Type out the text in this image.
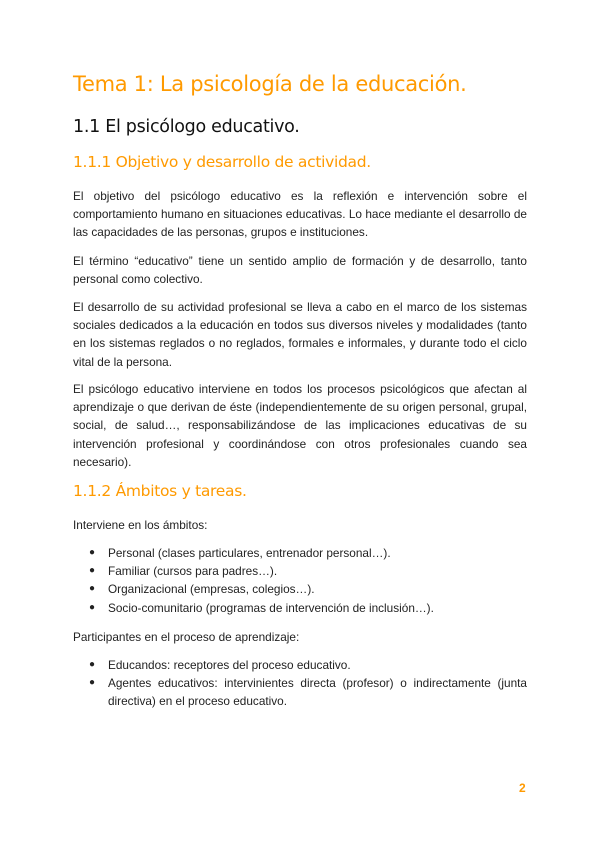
Tema 1: La psicología de la educación.
1.1 El psicólogo educativo.
1.1.1 Objetivo y desarrollo de actividad.

El objetivo del psicólogo educativo es la reflexión e intervención sobre el comportamiento humano en situaciones educativas. Lo hace mediante el desarrollo de las capacidades de las personas, grupos e instituciones.

El término “educativo” tiene un sentido amplio de formación y de desarrollo, tanto personal como colectivo.

El desarrollo de su actividad profesional se lleva a cabo en el marco de los sistemas sociales dedicados a la educación en todos sus diversos niveles y modalidades (tanto en los sistemas reglados o no reglados, formales e informales, y durante todo el ciclo vital de la persona.

El psicólogo educativo interviene en todos los procesos psicológicos que afectan al aprendizaje o que derivan de éste (independientemente de su origen personal, grupal, social, de salud…, responsabilizándose de las implicaciones educativas de su intervención profesional y coordinándose con otros profesionales cuando sea necesario).

1.1.2 Ámbitos y tareas.

Interviene en los ámbitos:

● Personal (clases particulares, entrenador personal…).
● Familiar (cursos para padres…).
● Organizacional (empresas, colegios…).
● Socio-comunitario (programas de intervención de inclusión…).

Participantes en el proceso de aprendizaje:

● Educandos: receptores del proceso educativo.
● Agentes educativos: intervinientes directa (profesor) o indirectamente (junta directiva) en el proceso educativo.
2
